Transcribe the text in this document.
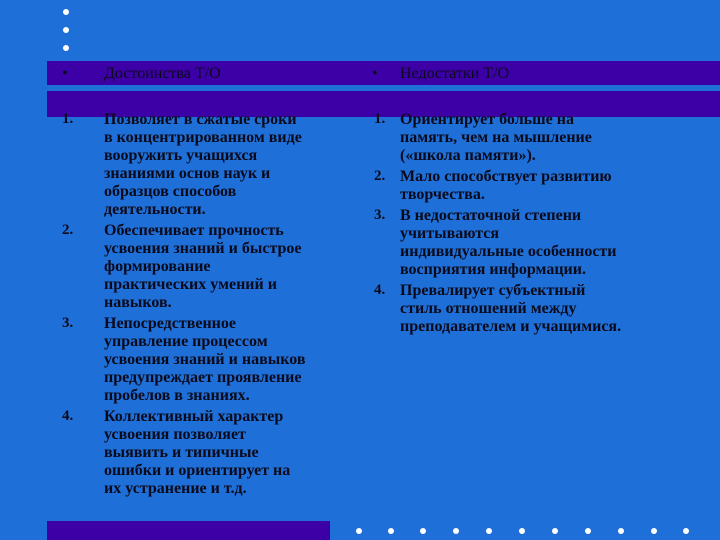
• Достоинства Т/О	• Недостатки Т/О
1. Позволяет в сжатые сроки
в концентрированном виде
вооружить учащихся
знаниями основ наук и
образцов способов
деятельности.
2. Обеспечивает прочность
усвоения знаний и быстрое
формирование
практических умений и
навыков.
3. Непосредственное
управление процессом
усвоения знаний и навыков
предупреждает проявление
пробелов в знаниях.
4. Коллективный характер
усвоения позволяет
выявить и типичные
ошибки и ориентирует на
их устранение и т.д.
1. Ориентирует больше на
память, чем на мышление
(«школа памяти»).
2. Мало способствует развитию
творчества.
3. В недостаточной степени
учитываются
индивидуальные особенности
восприятия информации.
4. Превалирует субъектный
стиль отношений между
преподавателем и учащимися.
